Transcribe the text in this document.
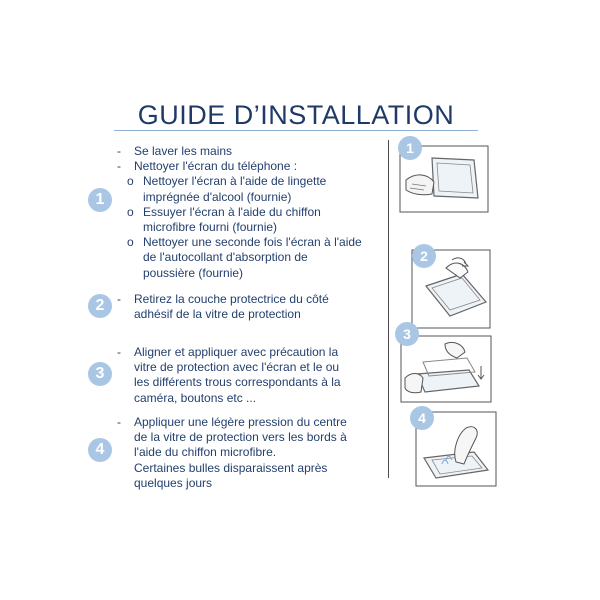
GUIDE D’INSTALLATION
1
-	Se laver les mains
-	Nettoyer l'écran du téléphone :
o Nettoyer l'écran à l'aide de lingette
imprégnée d'alcool (fournie)
o Essuyer l'écran à l'aide du chiffon
microfibre fourni (fournie)
o Nettoyer une seconde fois l'écran à l'aide
de l'autocollant d'absorption de
poussière (fournie)
2 -	Retirez la couche protectrice du côté
adhésif de la vitre de protection
3
-	Aligner et appliquer avec précaution la
vitre de protection avec l'écran et le ou
les différents trous correspondants à la
caméra, boutons etc ...
4
-	Appliquer une légère pression du centre
de la vitre de protection vers les bords à
l'aide du chiffon microfibre.
Certaines bulles disparaissent après
quelques jours
1
2
3
4
